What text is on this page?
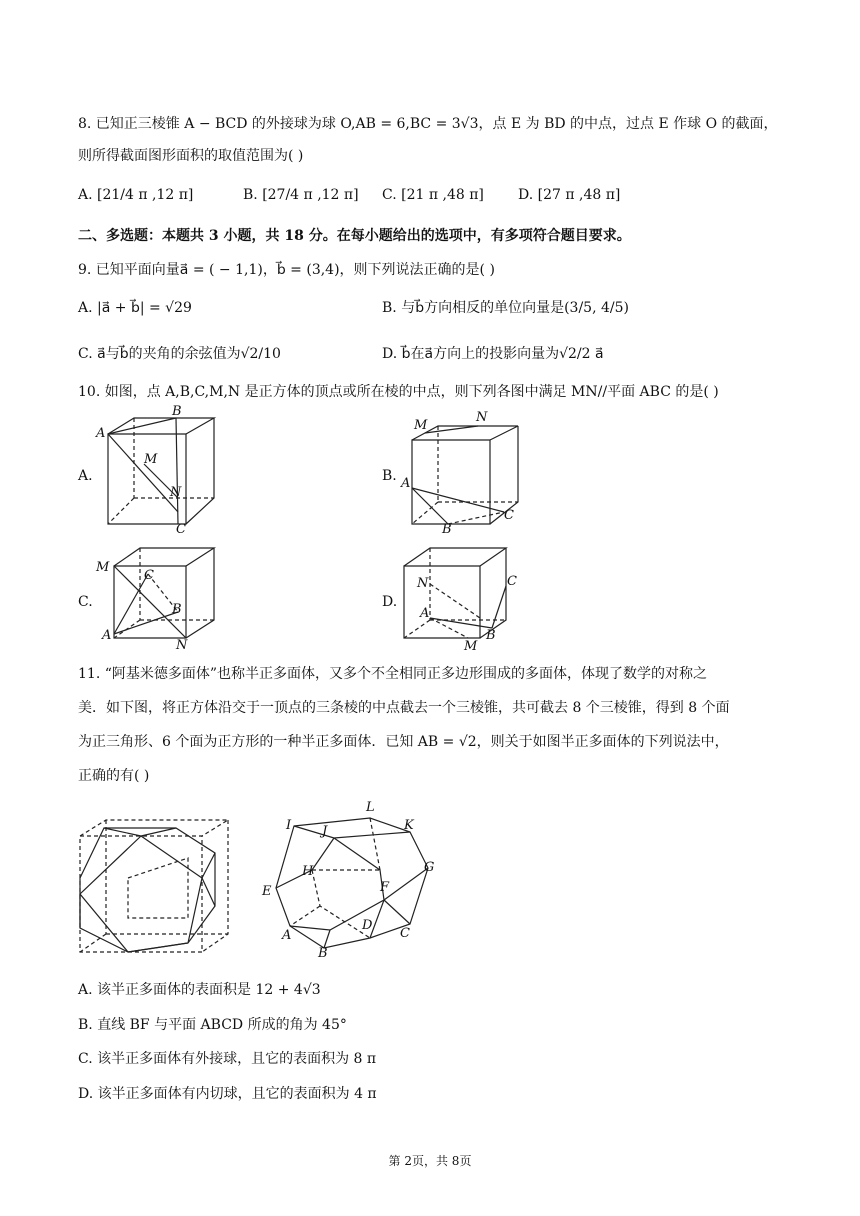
8. 已知正三棱锥 A − BCD 的外接球为球 O,AB = 6,BC = 3√3，点 E 为 BD 的中点，过点 E 作球 O 的截面，
则所得截面图形面积的取值范围为( )
A. [21/4 π ,12 π]	B. [27/4 π ,12 π] C. [21 π ,48 π] D. [27 π ,48 π]
二、多选题：本题共 3 小题，共 18 分。在每小题给出的选项中，有多项符合题目要求。
9. 已知平面向量a⃗ = ( − 1,1)，b⃗ = (3,4)，则下列说法正确的是( )
A. |a⃗ + b⃗| = √29	B. 与b⃗方向相反的单位向量是(3/5, 4/5)
C. a⃗与b⃗的夹角的余弦值为√2/10	D. b⃗在a⃗方向上的投影向量为√2/2 a⃗
10. 如图，点 A,B,C,M,N 是正方体的顶点或所在棱的中点，则下列各图中满足 MN//平面 ABC 的是( )
A.
A
B
M
N
C
B.
M
N
A
B
C
C.
M
C
B
A
N
D.
N
A
C
B
M
11. “阿基米德多面体”也称半正多面体，又多个不全相同正多边形围成的多面体，体现了数学的对称之
美．如下图，将正方体沿交于一顶点的三条棱的中点截去一个三棱锥，共可截去 8 个三棱锥，得到 8 个面
为正三角形、6 个面为正方形的一种半正多面体．已知 AB = √2，则关于如图半正多面体的下列说法中，
正确的有( )
L
I J	K
H	G
E	F
D
C
A
B
A. 该半正多面体的表面积是 12 + 4√3
B. 直线 BF 与平面 ABCD 所成的角为 45°
C. 该半正多面体有外接球，且它的表面积为 8 π
D. 该半正多面体有内切球，且它的表面积为 4 π
第 2页，共 8页
